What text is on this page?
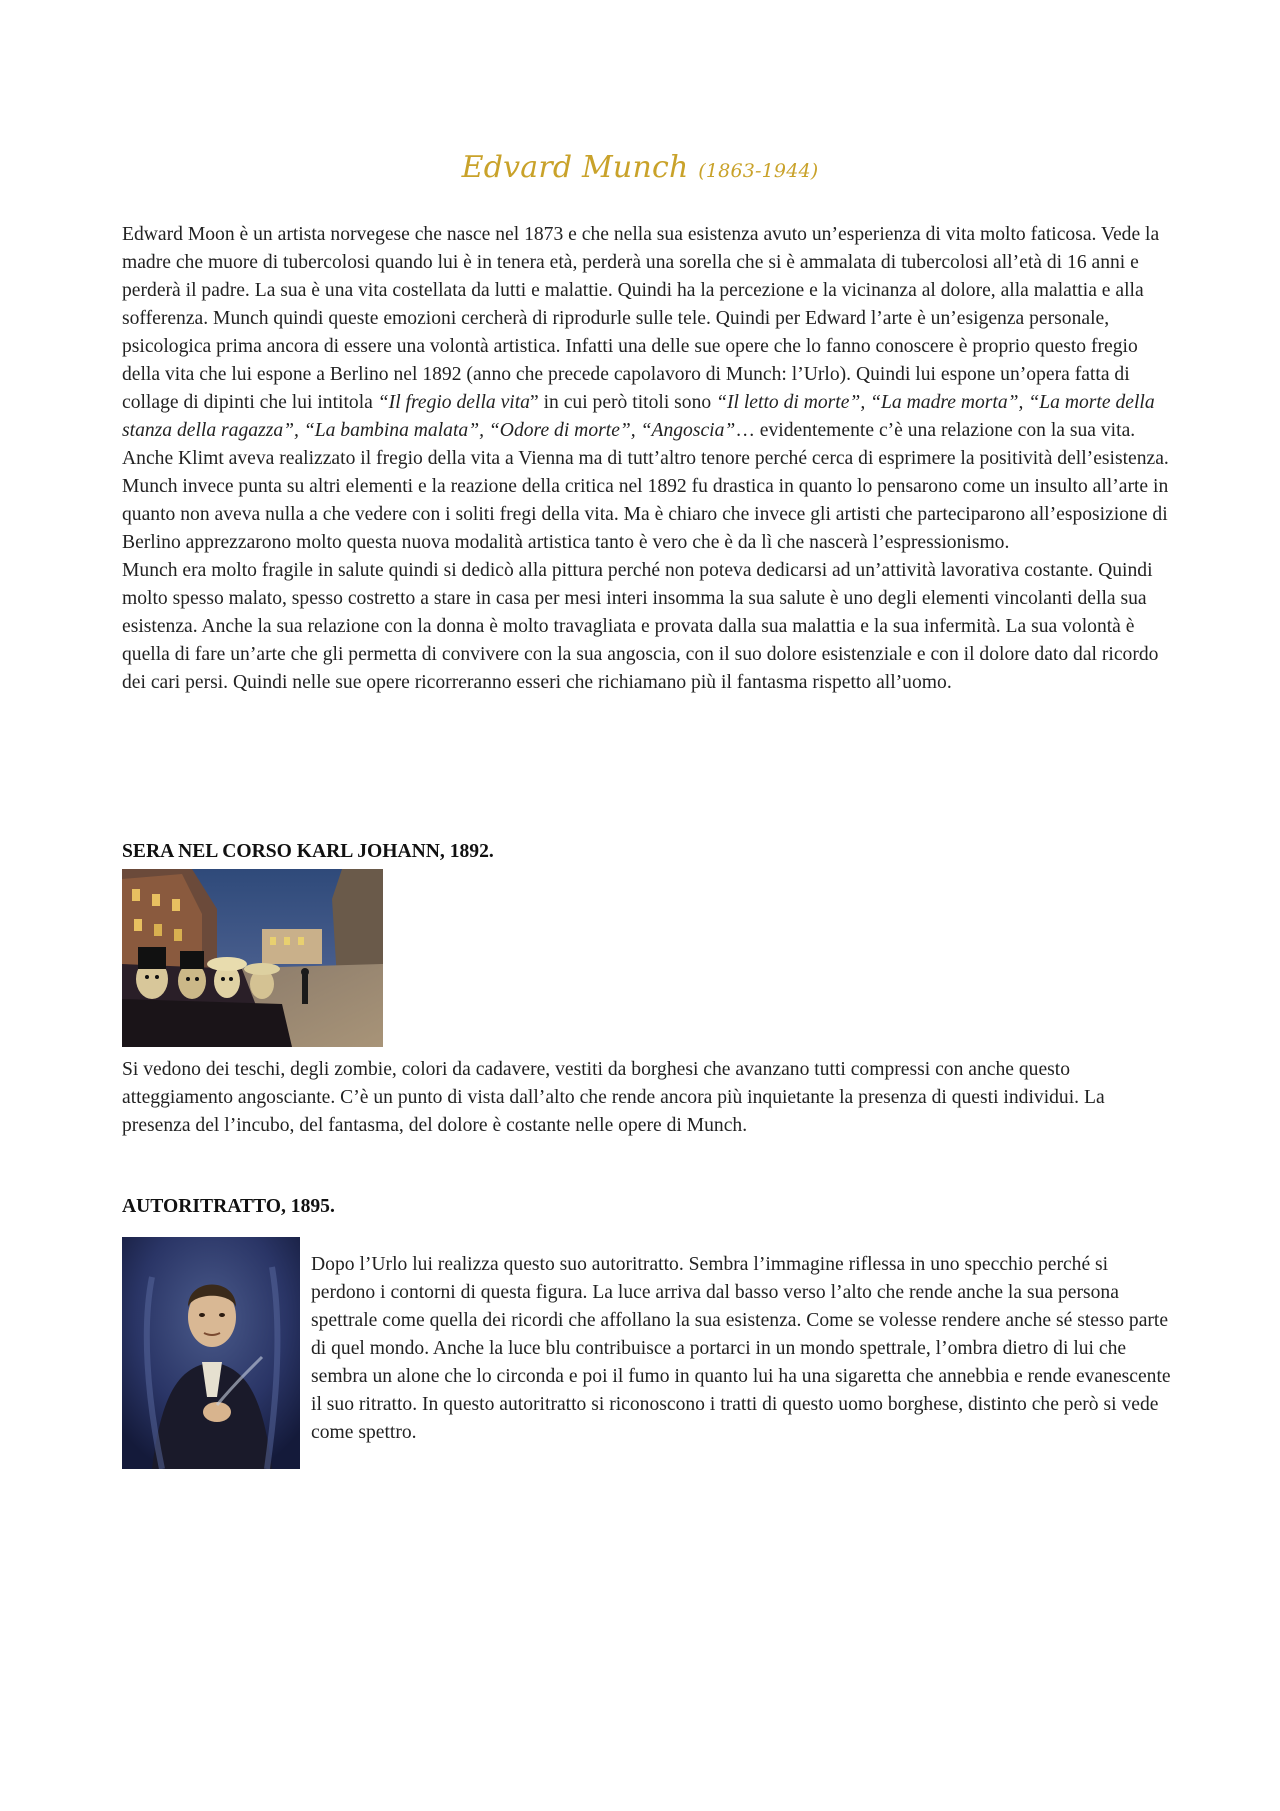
Edvard Munch (1863-1944)

Edward Moon è un artista norvegese che nasce nel 1873 e che nella sua esistenza avuto un’esperienza di vita molto faticosa. Vede la madre che muore di tubercolosi quando lui è in tenera età, perderà una sorella che si è ammalata di tubercolosi all’età di 16 anni e perderà il padre. La sua è una vita costellata da lutti e malattie. Quindi ha la percezione e la vicinanza al dolore, alla malattia e alla sofferenza. Munch quindi queste emozioni cercherà di riprodurle sulle tele. Quindi per Edward l’arte è un’esigenza personale, psicologica prima ancora di essere una volontà artistica. Infatti una delle sue opere che lo fanno conoscere è proprio questo fregio della vita che lui espone a Berlino nel 1892 (anno che precede capolavoro di Munch: l’Urlo). Quindi lui espone un’opera fatta di collage di dipinti che lui intitola “Il fregio della vita” in cui però titoli sono “Il letto di morte”, “La madre morta”, “La morte della stanza della ragazza”, “La bambina malata”, “Odore di morte”, “Angoscia”… evidentemente c’è una relazione con la sua vita. Anche Klimt aveva realizzato il fregio della vita a Vienna ma di tutt’altro tenore perché cerca di esprimere la positività dell’esistenza. Munch invece punta su altri elementi e la reazione della critica nel 1892 fu drastica in quanto lo pensarono come un insulto all’arte in quanto non aveva nulla a che vedere con i soliti fregi della vita. Ma è chiaro che invece gli artisti che parteciparono all’esposizione di Berlino apprezzarono molto questa nuova modalità artistica tanto è vero che è da lì che nascerà l’espressionismo.

Munch era molto fragile in salute quindi si dedicò alla pittura perché non poteva dedicarsi ad un’attività lavorativa costante. Quindi molto spesso malato, spesso costretto a stare in casa per mesi interi insomma la sua salute è uno degli elementi vincolanti della sua esistenza. Anche la sua relazione con la donna è molto travagliata e provata dalla sua malattia e la sua infermità. La sua volontà è quella di fare un’arte che gli permetta di convivere con la sua angoscia, con il suo dolore esistenziale e con il dolore dato dal ricordo dei cari persi. Quindi nelle sue opere ricorreranno esseri che richiamano più il fantasma rispetto all’uomo.

SERA NEL CORSO KARL JOHANN, 1892.

Si vedono dei teschi, degli zombie, colori da cadavere, vestiti da borghesi che avanzano tutti compressi con anche questo atteggiamento angosciante. C’è un punto di vista dall’alto che rende ancora più inquietante la presenza di questi individui. La presenza del l’incubo, del fantasma, del dolore è costante nelle opere di Munch.

AUTORITRATTO, 1895.

Dopo l’Urlo lui realizza questo suo autoritratto. Sembra l’immagine riflessa in uno specchio perché si perdono i contorni di questa figura. La luce arriva dal basso verso l’alto che rende anche la sua persona spettrale come quella dei ricordi che affollano la sua esistenza. Come se volesse rendere anche sé stesso parte di quel mondo. Anche la luce blu contribuisce a portarci in un mondo spettrale, l’ombra dietro di lui che sembra un alone che lo circonda e poi il fumo in quanto lui ha una sigaretta che annebbia e rende evanescente il suo ritratto. In questo autoritratto si riconoscono i tratti di questo uomo borghese, distinto che però si vede come spettro.
